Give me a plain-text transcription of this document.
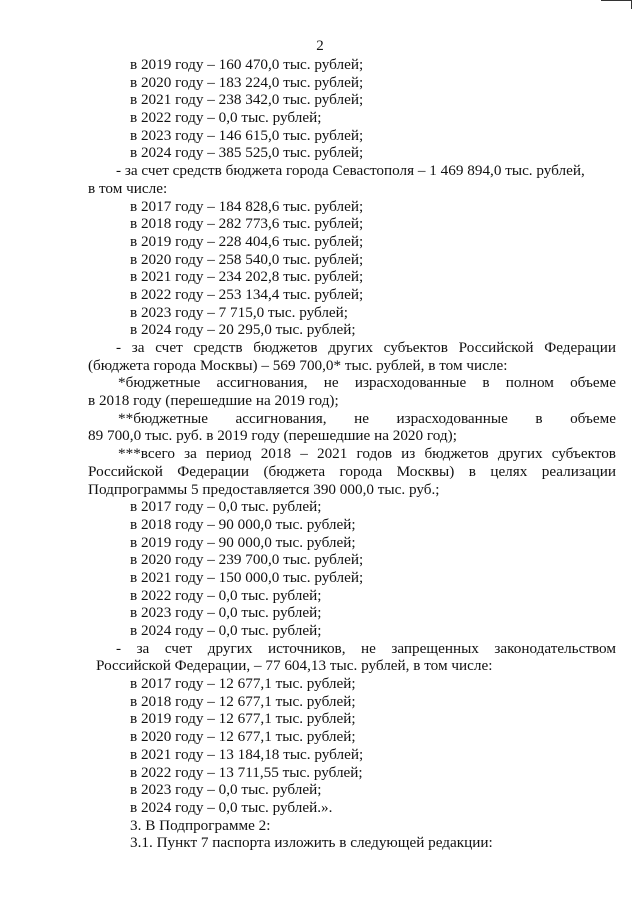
2
в 2019 году – 160 470,0 тыс. рублей;
в 2020 году – 183 224,0 тыс. рублей;
в 2021 году – 238 342,0 тыс. рублей;
в 2022 году – 0,0 тыс. рублей;
в 2023 году – 146 615,0 тыс. рублей;
в 2024 году – 385 525,0 тыс. рублей;
- за счет средств бюджета города Севастополя – 1 469 894,0 тыс. рублей,
в том числе:
в 2017 году – 184 828,6 тыс. рублей;
в 2018 году – 282 773,6 тыс. рублей;
в 2019 году – 228 404,6 тыс. рублей;
в 2020 году – 258 540,0 тыс. рублей;
в 2021 году – 234 202,8 тыс. рублей;
в 2022 году – 253 134,4 тыс. рублей;
в 2023 году – 7 715,0 тыс. рублей;
в 2024 году – 20 295,0 тыс. рублей;
- за счет средств бюджетов других субъектов Российской Федерации
(бюджета города Москвы) – 569 700,0* тыс. рублей, в том числе:
*бюджетные ассигнования, не израсходованные в полном объеме
в 2018 году (перешедшие на 2019 год);
**бюджетные ассигнования, не израсходованные в объеме
89 700,0 тыс. руб. в 2019 году (перешедшие на 2020 год);
***всего за период 2018 – 2021 годов из бюджетов других субъектов
Российской Федерации (бюджета города Москвы) в целях реализации
Подпрограммы 5 предоставляется 390 000,0 тыс. руб.;
в 2017 году – 0,0 тыс. рублей;
в 2018 году – 90 000,0 тыс. рублей;
в 2019 году – 90 000,0 тыс. рублей;
в 2020 году – 239 700,0 тыс. рублей;
в 2021 году – 150 000,0 тыс. рублей;
в 2022 году – 0,0 тыс. рублей;
в 2023 году – 0,0 тыс. рублей;
в 2024 году – 0,0 тыс. рублей;
- за счет других источников, не запрещенных законодательством
Российской Федерации, – 77 604,13 тыс. рублей, в том числе:
в 2017 году – 12 677,1 тыс. рублей;
в 2018 году – 12 677,1 тыс. рублей;
в 2019 году – 12 677,1 тыс. рублей;
в 2020 году – 12 677,1 тыс. рублей;
в 2021 году – 13 184,18 тыс. рублей;
в 2022 году – 13 711,55 тыс. рублей;
в 2023 году – 0,0 тыс. рублей;
в 2024 году – 0,0 тыс. рублей.».
3. В Подпрограмме 2:
3.1. Пункт 7 паспорта изложить в следующей редакции:
